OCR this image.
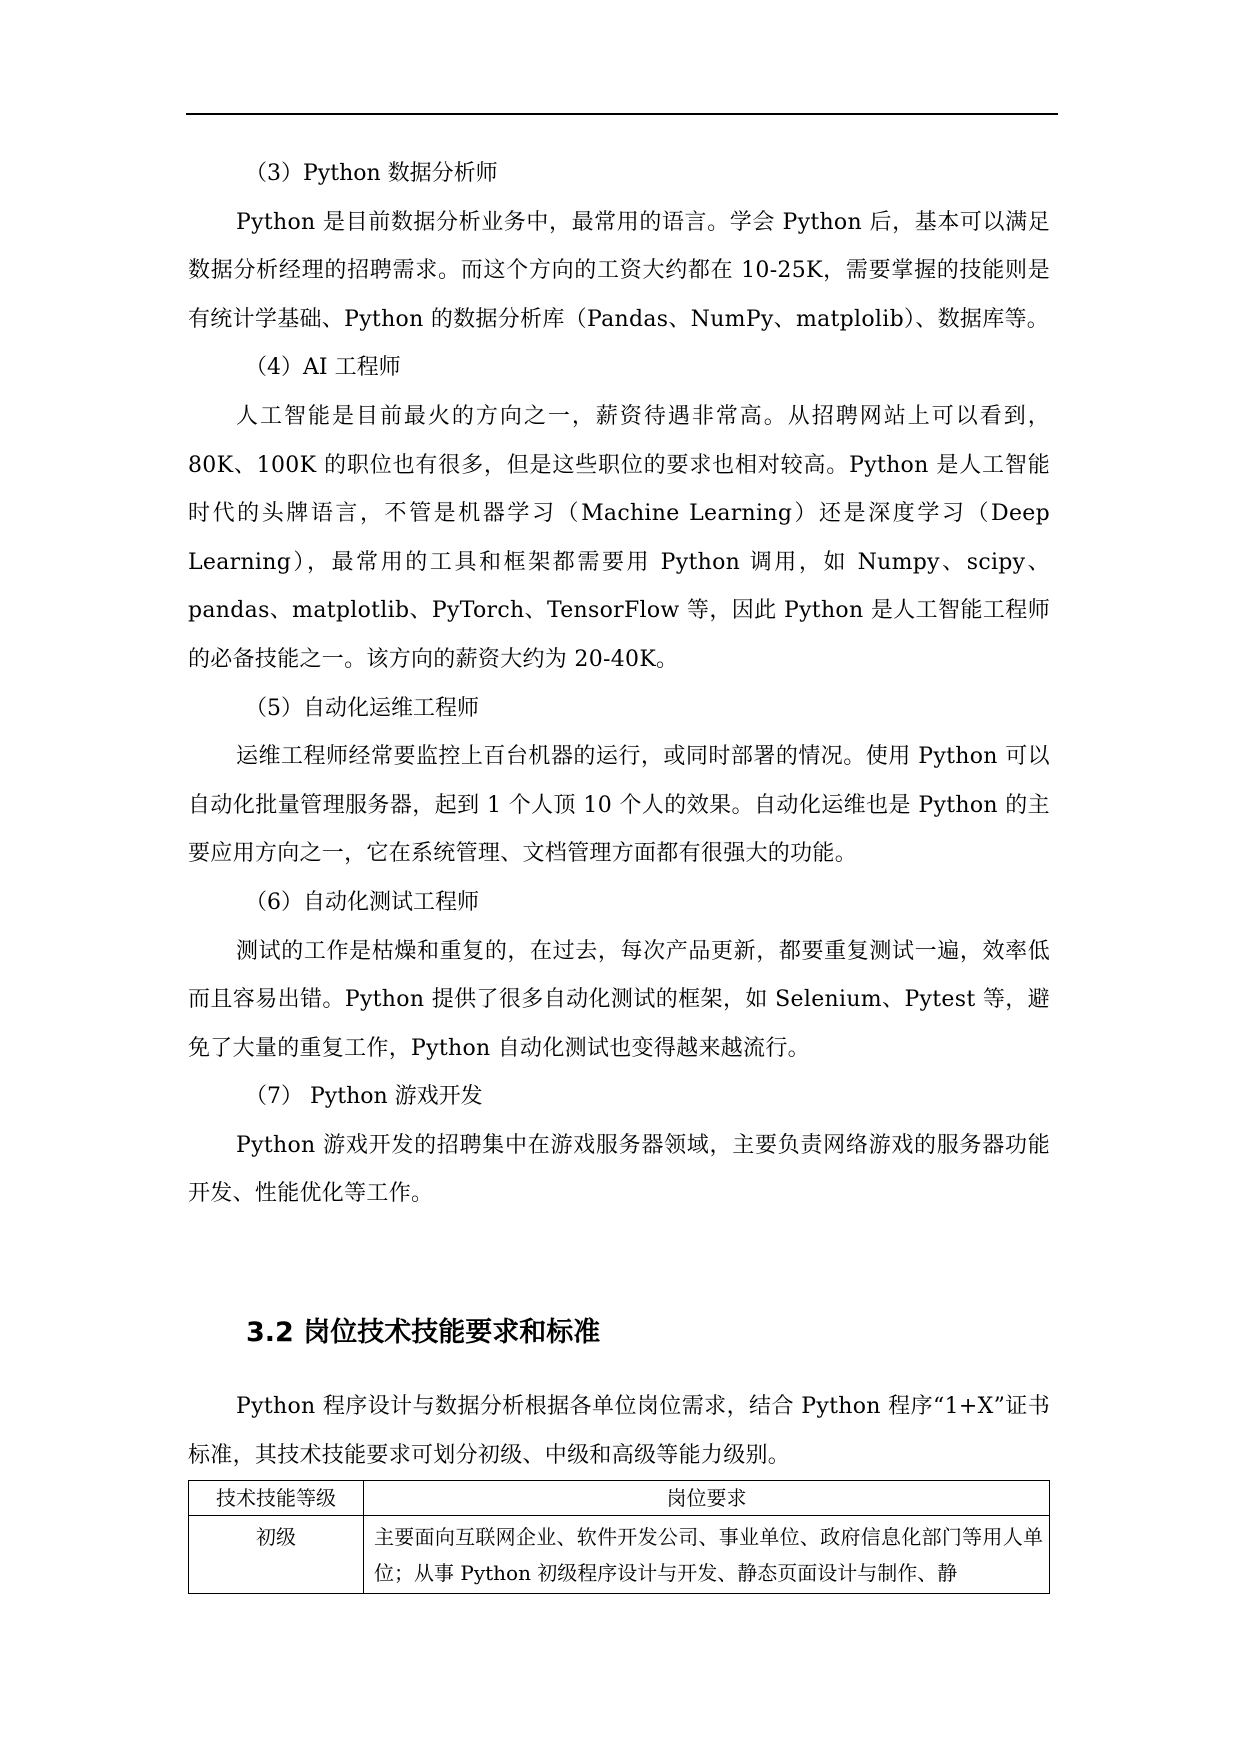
（3）Python 数据分析师

Python 是目前数据分析业务中，最常用的语言。学会 Python 后，基本可以满足数据分析经理的招聘需求。而这个方向的工资大约都在 10-25K，需要掌握的技能则是有统计学基础、Python 的数据分析库（Pandas、NumPy、matplolib）、数据库等。

（4）AI 工程师

人工智能是目前最火的方向之一，薪资待遇非常高。从招聘网站上可以看到，80K、100K 的职位也有很多，但是这些职位的要求也相对较高。Python 是人工智能时代的头牌语言，不管是机器学习（Machine Learning）还是深度学习（Deep Learning），最常用的工具和框架都需要用 Python 调用，如 Numpy、scipy、pandas、matplotlib、PyTorch、TensorFlow 等，因此 Python 是人工智能工程师的必备技能之一。该方向的薪资大约为 20-40K。

（5）自动化运维工程师

运维工程师经常要监控上百台机器的运行，或同时部署的情况。使用 Python 可以自动化批量管理服务器，起到 1 个人顶 10 个人的效果。自动化运维也是 Python 的主要应用方向之一，它在系统管理、文档管理方面都有很强大的功能。

（6）自动化测试工程师

测试的工作是枯燥和重复的，在过去，每次产品更新，都要重复测试一遍，效率低而且容易出错。Python 提供了很多自动化测试的框架，如 Selenium、Pytest 等，避免了大量的重复工作，Python 自动化测试也变得越来越流行。

（7） Python 游戏开发

Python 游戏开发的招聘集中在游戏服务器领域，主要负责网络游戏的服务器功能开发、性能优化等工作。

3.2 岗位技术技能要求和标准

Python 程序设计与数据分析根据各单位岗位需求，结合 Python 程序“1+X”证书标准，其技术技能要求可划分初级、中级和高级等能力级别。

技术技能等级	岗位要求
初级	主要面向互联网企业、软件开发公司、事业单位、政府信息化部门等用人单位；从事 Python 初级程序设计与开发、静态页面设计与制作、静
